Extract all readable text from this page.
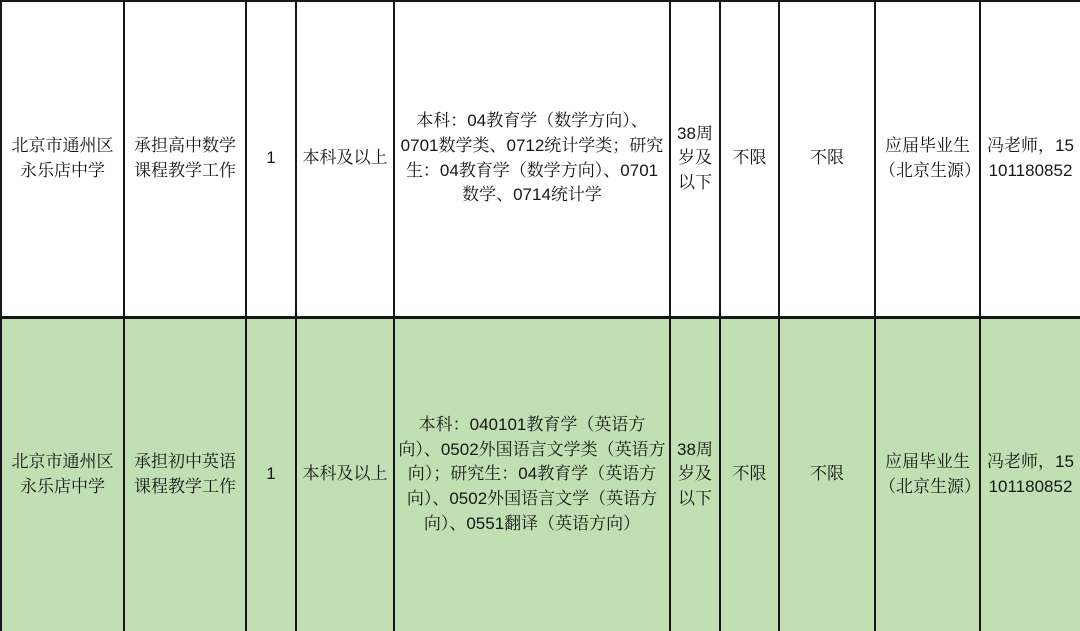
北京市通州区永乐店中学	承担高中数学课程教学工作	1	本科及以上	本科：04教育学（数学方向）、0701数学类、0712统计学类；研究生：04教育学（数学方向）、0701数学、0714统计学	38周岁及以下	不限	不限	应届毕业生（北京生源）	冯老师，15101180852
北京市通州区永乐店中学	承担初中英语课程教学工作	1	本科及以上	本科：040101教育学（英语方向）、0502外国语言文学类（英语方向）；研究生：04教育学（英语方向）、0502外国语言文学（英语方向）、0551翻译（英语方向）	38周岁及以下	不限	不限	应届毕业生（北京生源）	冯老师，15101180852
